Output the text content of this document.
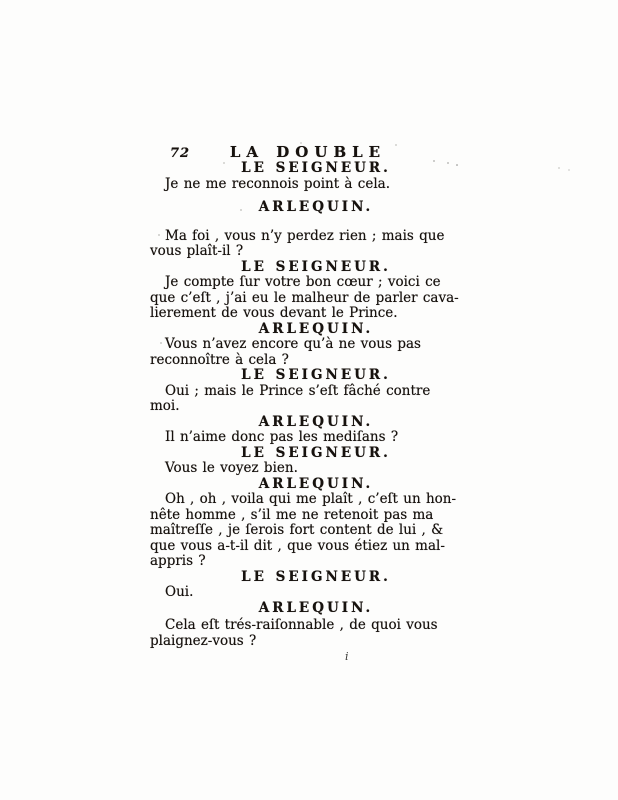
72	LA DOUBLE
LE SEIGNEUR.
Je ne me reconnois point à cela.
ARLEQUIN.
Ma foi , vous n’y perdez rien ; mais que
vous plaît-il ?
LE SEIGNEUR.
Je compte ſur votre bon cœur ; voici ce
que c’eſt , j’ai eu le malheur de parler cava-
lierement de vous devant le Prince.
ARLEQUIN.
Vous n’avez encore qu’à ne vous pas
reconnoître à cela ?
LE SEIGNEUR.
Oui ; mais le Prince s’eſt fâché contre
moi.
ARLEQUIN.
Il n’aime donc pas les mediſans ?
LE SEIGNEUR.
Vous le voyez bien.
ARLEQUIN.
Oh , oh , voila qui me plaît , c’eſt un hon-
nête homme , s’il me ne retenoit pas ma
maîtreſſe , je ſerois fort content de lui , &
que vous a-t-il dit , que vous étiez un mal-
appris ?
LE SEIGNEUR.
Oui.
ARLEQUIN.
Cela eſt trés-raiſonnable , de quoi vous
plaignez-vous ?
i
